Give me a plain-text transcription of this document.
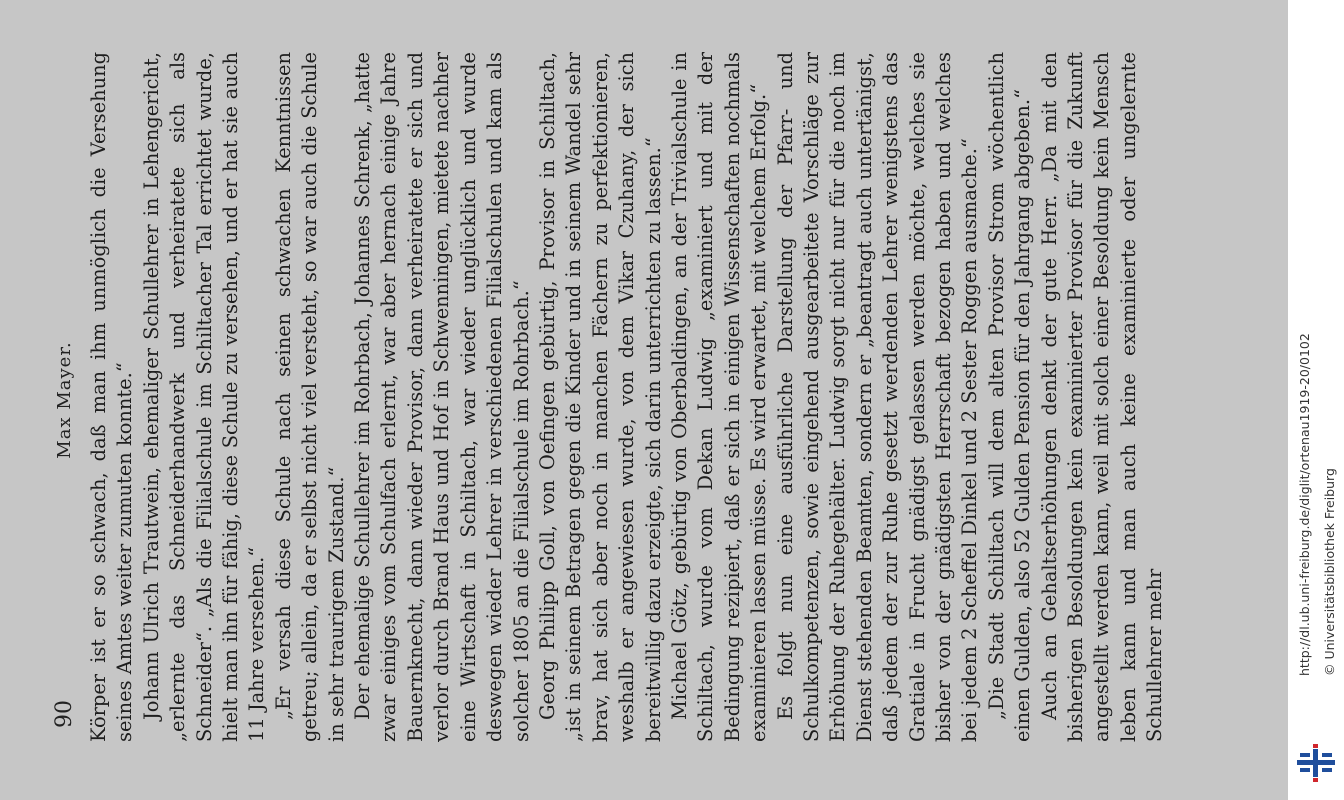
90
Max Mayer. Körper ist er so schwach, daß man ihm unmöglich die Versehung seines Amtes weiter zumuten konnte.“ Johann Ulrich Trautwein, ehemaliger Schullehrer in Lehengericht, „erlernte das Schneiderhandwerk und verheiratete sich als Schneider“. „Als die Filialschule im Schiltacher Tal errichtet wurde, hielt man ihn für fähig, diese Schule zu versehen, und er hat sie auch 11 Jahre versehen.“ „Er versah diese Schule nach seinen schwachen Kenntnissen getreu; allein, da er selbst nicht viel versteht, so war auch die Schule in sehr traurigem Zustand.“ Der ehemalige Schullehrer im Rohrbach, Johannes Schrenk, „hatte zwar einiges vom Schulfach erlernt, war aber hernach einige Jahre Bauernknecht, dann wieder Provisor, dann verheiratete er sich und verlor durch Brand Haus und Hof in Schwenningen, mietete nachher eine Wirtschaft in Schiltach, war wieder unglücklich und wurde deswegen wieder Lehrer in verschiedenen Filialschulen und kam als solcher 1805 an die Filialschule im Rohrbach.“ Georg Philipp Goll, von Oefingen gebürtig, Provisor in Schiltach, „ist in seinem Betragen gegen die Kinder und in seinem Wandel sehr brav, hat sich aber noch in manchen Fächern zu perfektionieren, weshalb er angewiesen wurde, von dem Vikar Czuhany, der sich bereitwillig dazu erzeigte, sich darin unterrichten zu lassen.“ Michael Götz, gebürtig von Oberbaldingen, an der Trivialschule in Schiltach, wurde vom Dekan Ludwig „examiniert und mit der Bedingung rezipiert, daß er sich in einigen Wissenschaften nochmals examinieren lassen müsse. Es wird erwartet, mit welchem Erfolg.“ Es folgt nun eine ausführliche Darstellung der Pfarr- und Schulkompetenzen, sowie eingehend ausgearbeitete Vorschläge zur Erhöhung der Ruhegehälter. Ludwig sorgt nicht nur für die noch im Dienst stehenden Beamten, sondern er „beantragt auch untertänigst, daß jedem der zur Ruhe gesetzt werdenden Lehrer wenigstens das Gratiale in Frucht gnädigst gelassen werden möchte, welches sie bisher von der gnädigsten Herrschaft bezogen haben und welches bei jedem 2 Scheffel Dinkel und 2 Sester Roggen ausmache.“ „Die Stadt Schiltach will dem alten Provisor Strom wöchentlich einen Gulden, also 52 Gulden Pension für den Jahrgang abgeben.“ Auch an Gehaltserhöhungen denkt der gute Herr. „Da mit den bisherigen Besoldungen kein examinierter Provisor für die Zukunft angestellt werden kann, weil mit solch einer Besoldung kein Mensch leben kann und man auch keine examinierte oder ungelernte Schullehrer mehr	http://dl.ub.uni-freiburg.de/diglit/ortenau1919-20/0102 © Universitätsbibliothek Freiburg
